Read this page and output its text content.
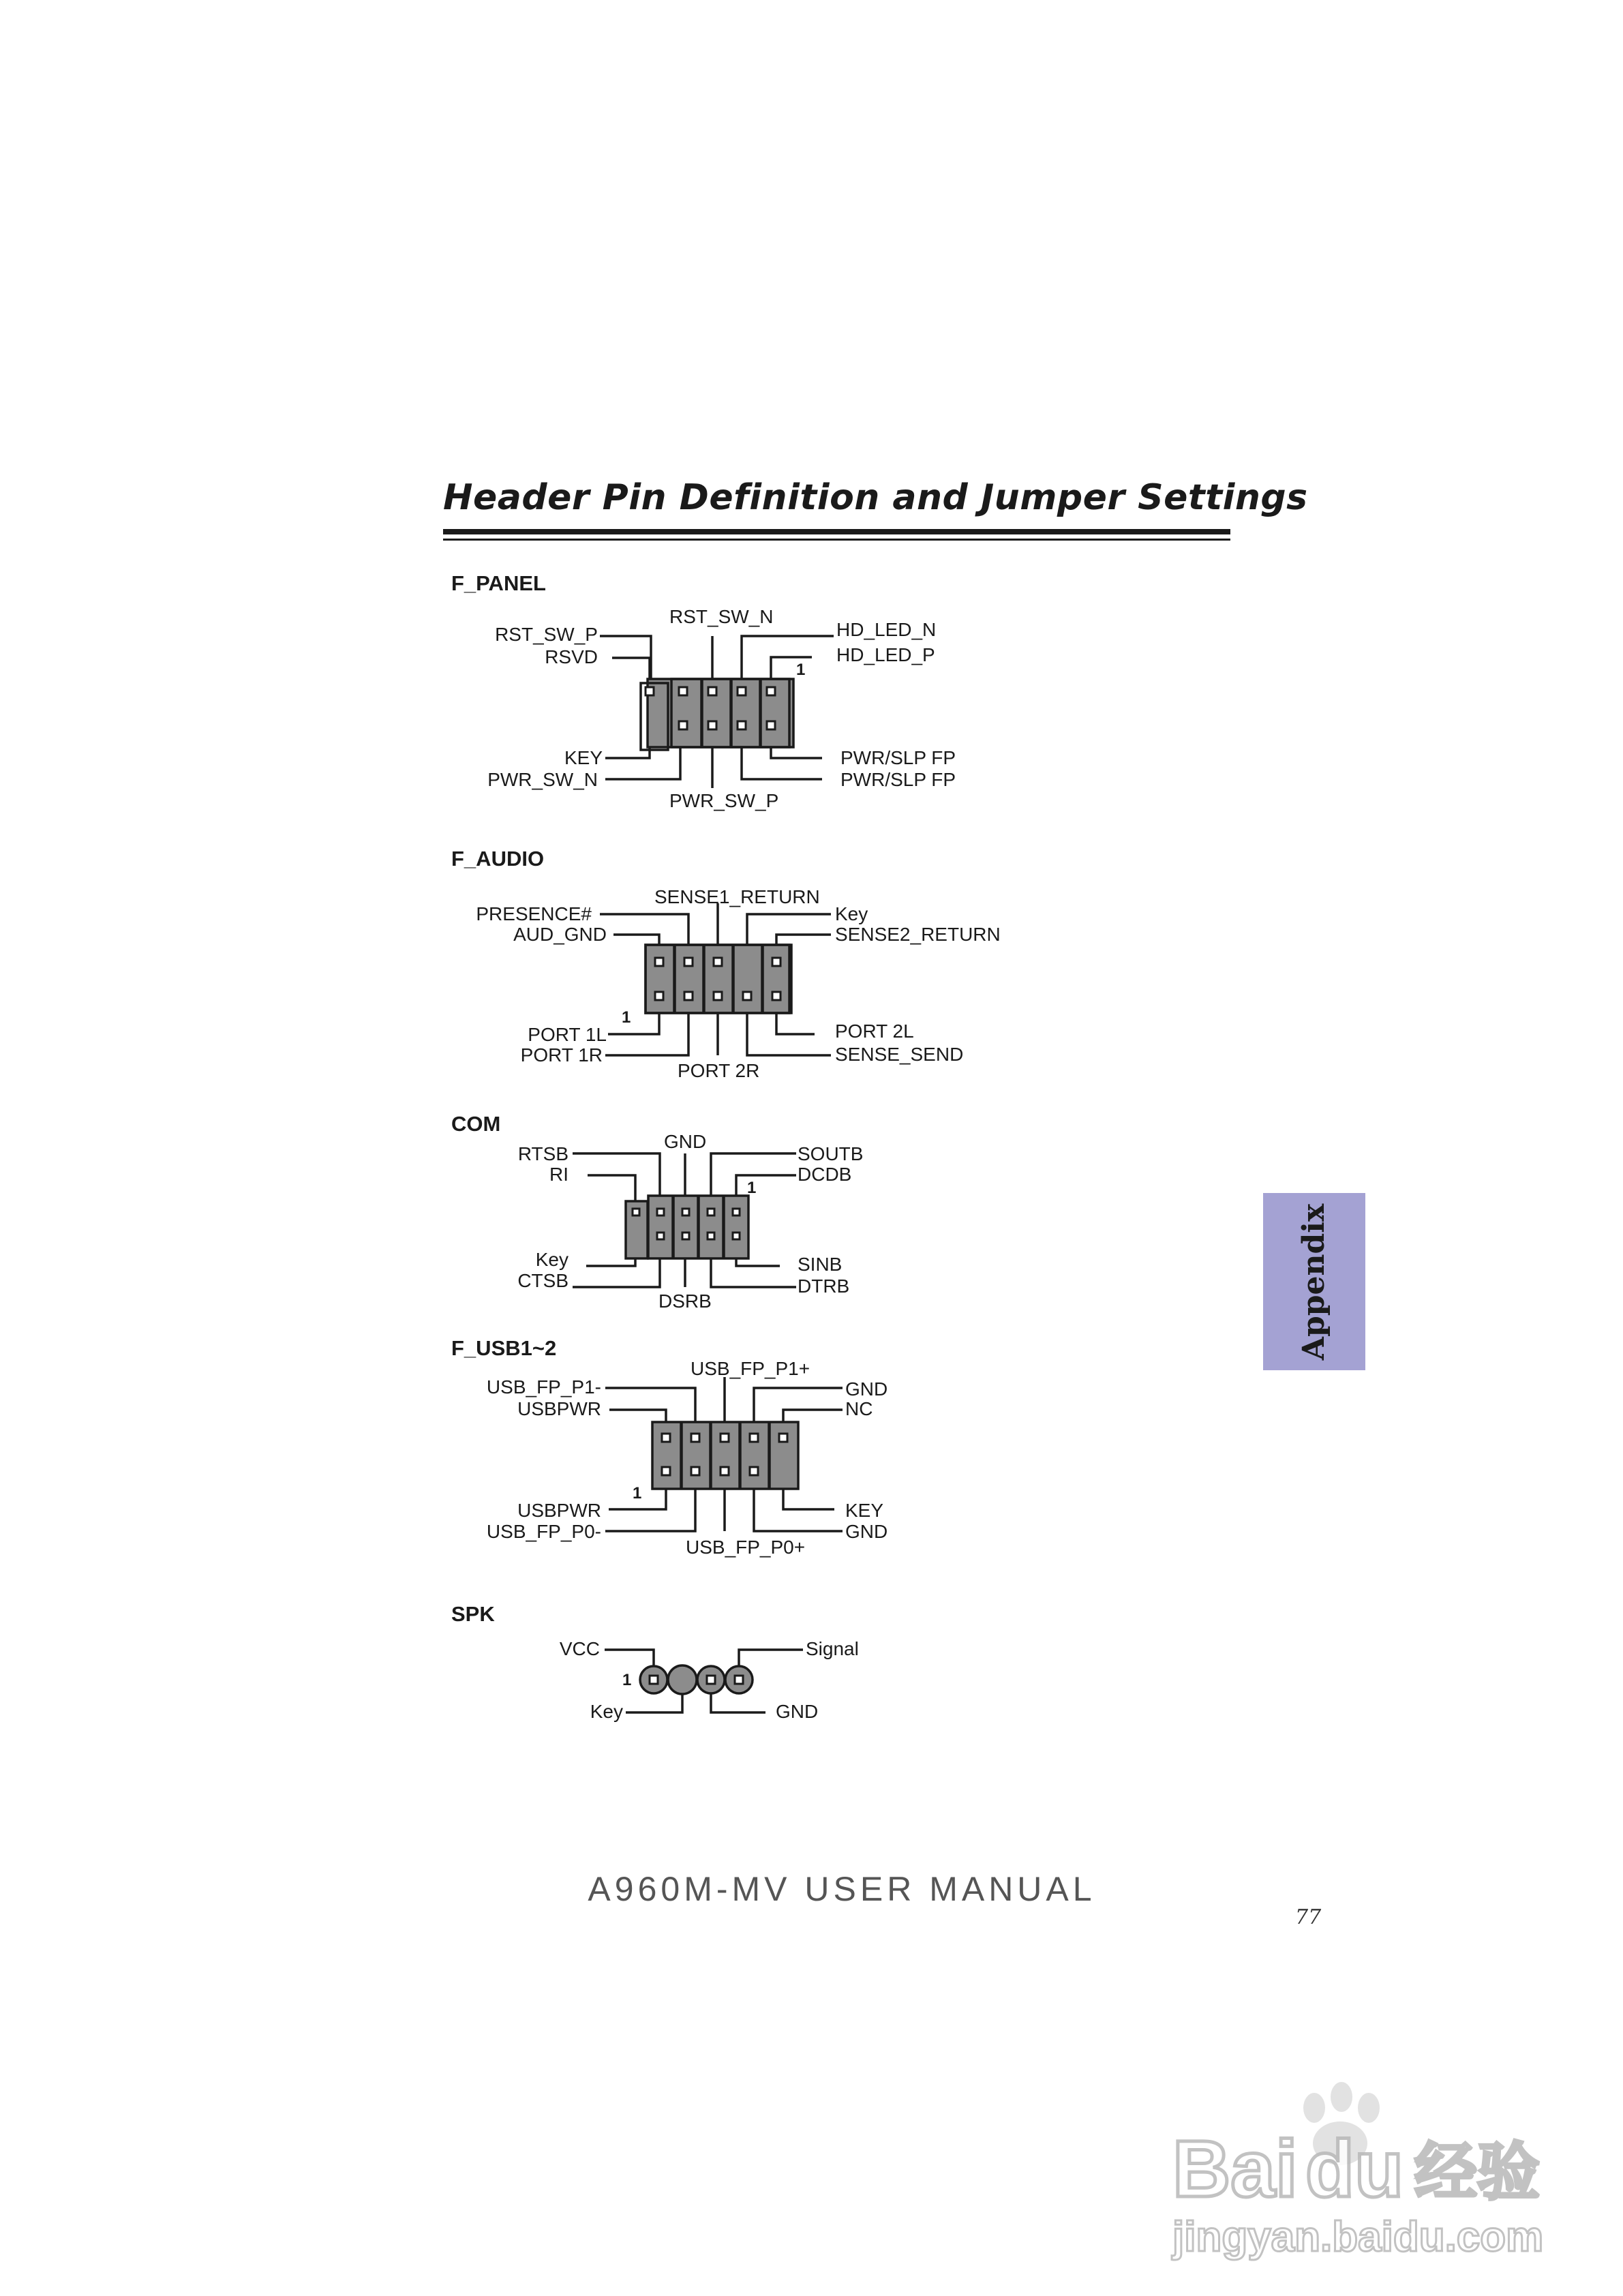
Header Pin Definition and Jumper Settings
F_PANEL
RST_SW_N
RST_SW_P
RSVD
HD_LED_N
HD_LED_P
1
KEY
PWR_SW_N
PWR_SW_P
PWR/SLP FP
PWR/SLP FP
F_AUDIO
SENSE1_RETURN
PRESENCE#
AUD_GND
Key
SENSE2_RETURN
1
PORT 1L
PORT 1R
PORT 2R
PORT 2L
SENSE_SEND
COM
GND
RTSB
RI
SOUTB
DCDB
1
Key
CTSB
DSRB
SINB
DTRB
F_USB1~2
USB_FP_P1+
USB_FP_P1-
USBPWR
GND
NC
1
USBPWR
USB_FP_P0-
USB_FP_P0+
KEY
GND
SPK
VCC	Signal
1
Key	GND
Appendix
A960M-MV USER MANUAL
77
Bai du 经验
jingyan.baidu.com
